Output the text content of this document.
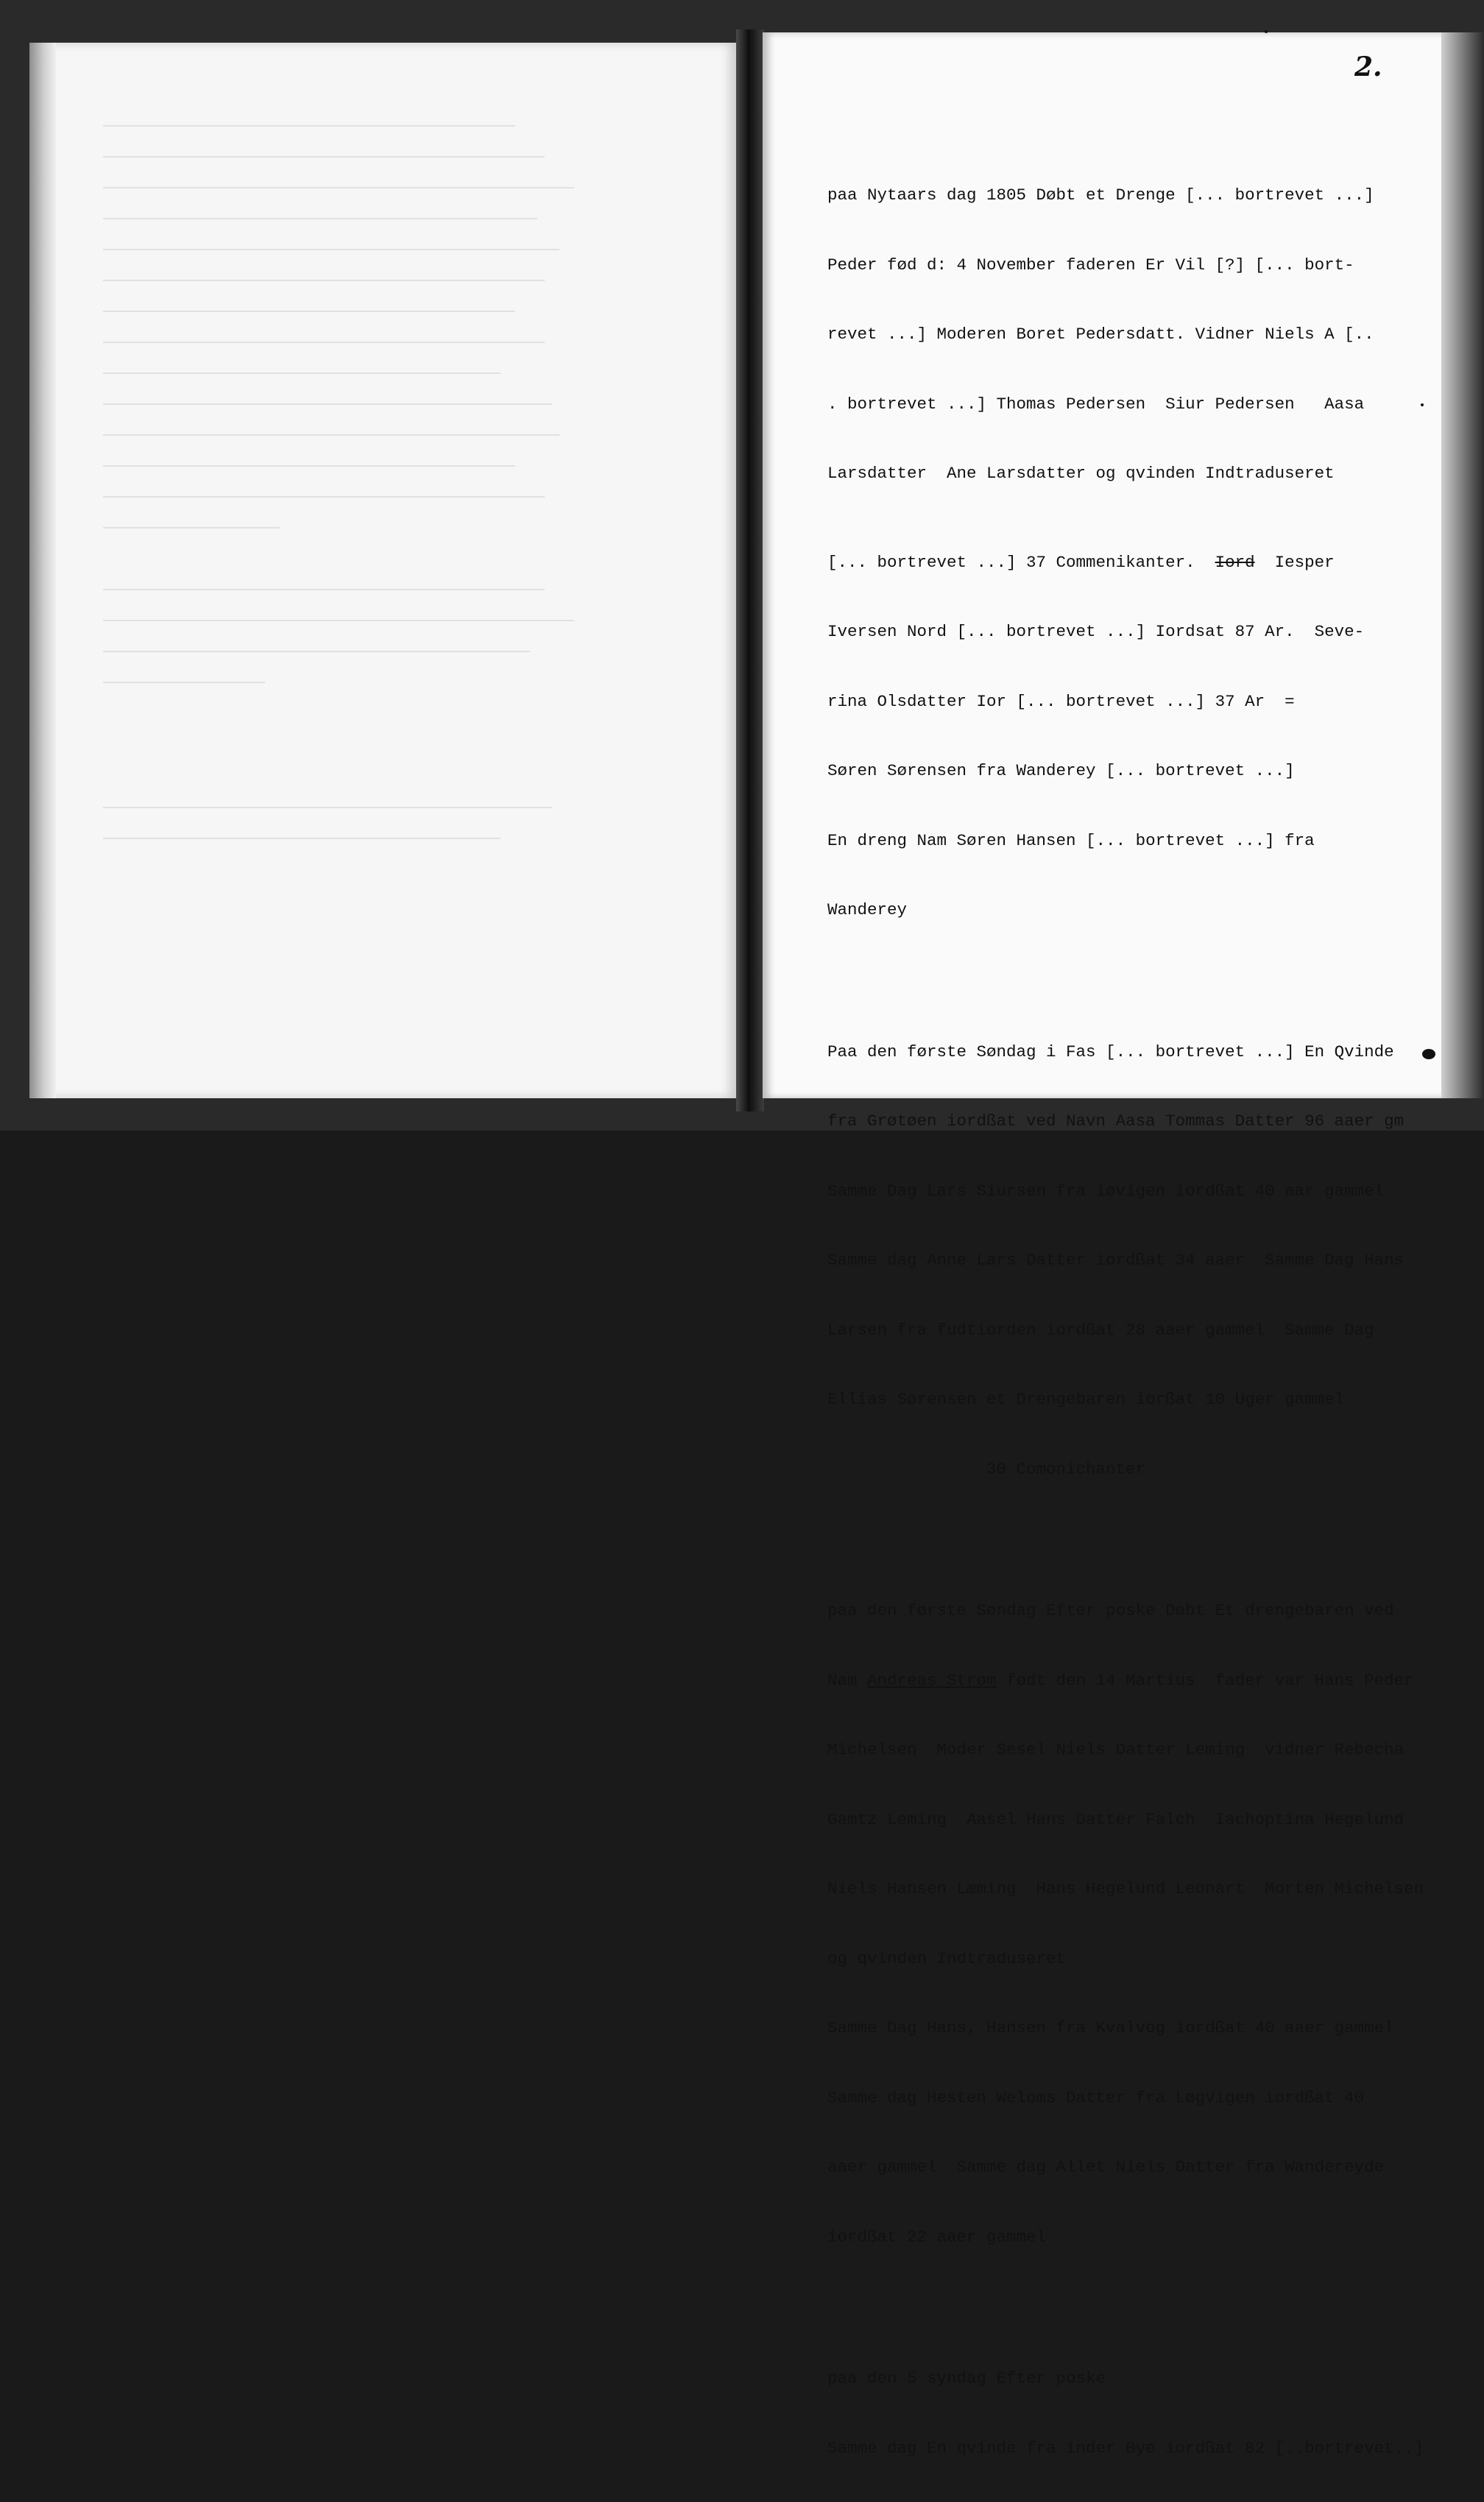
2.

paa Nytaars dag 1805 Døbt et Drenge [... bortrevet ...]

Peder fød d: 4 November faderen Er Vil [?] [... bort-

revet ...] Moderen Boret Pedersdatt. Vidner Niels A [..

. bortrevet ...] Thomas Pedersen  Siur Pedersen   Aasa

Larsdatter  Ane Larsdatter og qvinden Indtraduseret

[... bortrevet ...] 37 Commenikanter.  Iord  Iesper

Iversen Nord [... bortrevet ...] Iordsat 87 Ar.  Seve-

rina Olsdatter Ior [... bortrevet ...] 37 Ar  =

Søren Sørensen fra Wanderey [... bortrevet ...]

En dreng Nam Søren Hansen [... bortrevet ...] fra

Wanderey

Paa den første Søndag i Fas [... bortrevet ...] En Qvinde

fra Grøtøen iordßat ved Navn Aasa Tommas Datter 96 aaer gm

Samme Dag Lars Siursen fra iøvigen iordßat 40 aar gammel

Samme dag Anne Lars Datter iordßat 34 aaer  Samme Dag Hans

Larsen fra fudtiorden iordßat 28 aaer gammel  Samme Dag

Ellias Sørensen et Drengebaren iorßat 10 Uger gammel

30 Comonichanter

paa den første Søndag Efter poske Døbt Et drengebaren ved

Nam Andreas Strøm født den 14 Martius  fader var Hans Peder

Michelsen  Moder Sesel Niels Datter Leming  vidner Rebecha

Gamtz Leming  Aasel Hans Datter Falch  Iachoptina Hegelund

Niels Hansen Læming  Hans Hegelund Leonart  Morten Michelsen

og qvinden Indtraduseret

Samme Dag Hans, Hansen fra Kvalvog iordßat 40 aaer gammel

Samme dag Hesten Weloms Datter fra Løgvigen iordßat 40

aaer gammel  Samme dag Allet Niels Datter fra Wandereyde

iordßat 22 aaer gammel

paa den 5 syndag Efter poske

Samme dag En qvinde fra inder Bye iordßat 82 [..bortrevet..]
